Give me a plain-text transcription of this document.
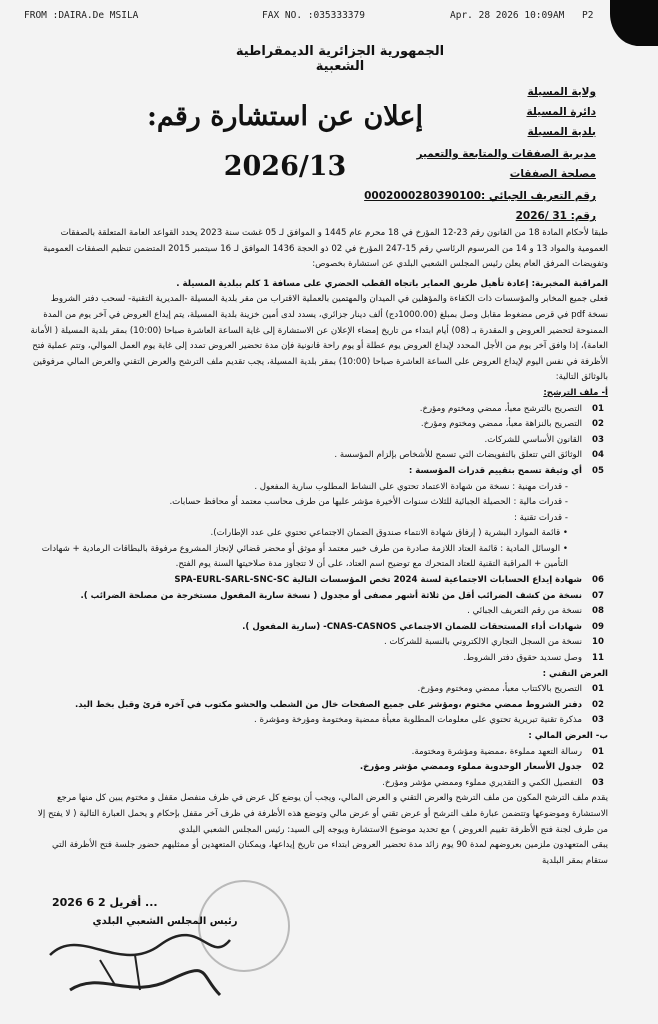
FROM :DAIRA.De MSILA	FAX NO. :035333379	Apr. 28 2026 10:09AM P2
الجمهورية الجزائرية الديمقراطية الشعبية
إعلان عن استشارة رقم: 2026/13
ولاية المسيلة
دائرة المسيلة
بلدية المسيلة
مديرية الصفقات والمتابعة والتعمير
مصلحة الصفقات
رقم التعريف الجبائي :0002000280390100
رقم: 31 /2026

طبقا لأحكام المادة 18 من القانون رقم 23-12 المؤرخ في 18 محرم عام 1445 و الموافق لـ 05 غشت سنة 2023 يحدد القواعد العامة المتعلقة بالصفقات العمومية والمواد 13 و 14 من المرسوم الرئاسي رقم 15-247 المؤرخ في 02 ذو الحجة 1436 الموافق لـ 16 سبتمبر 2015 المتضمن تنظيم الصفقات العمومية وتفويضات المرفق العام يعلن رئيس المجلس الشعبي البلدي عن استشارة بخصوص:

المراقبة المخبرية: إعادة تأهيل طريق العماير باتجاه القطب الحضري على مسافة 1 كلم ببلدية المسيلة .

فعلى جميع المخابر والمؤسسات ذات الكفاءة والمؤهلين في الميدان والمهتمين بالعملية الاقتراب من مقر بلدية المسيلة -المديرية التقنية- لسحب دفتر الشروط نسخة pdf في قرص مضغوط مقابل وصل بمبلغ (1000.00دج) ألف دينار جزائري، يسدد لدى أمين خزينة بلدية المسيلة، يتم إيداع العروض في آخر يوم من المدة الممنوحة لتحضير العروض و المقدرة بـ (08) أيام ابتداء من تاريخ إمضاء الإعلان عن الاستشارة إلى غاية الساعة العاشرة صباحا (10:00) بمقر بلدية المسيلة ( الأمانة العامة)، إذا وافق آخر يوم من الأجل المحدد لإيداع العروض يوم عطلة أو يوم راحة قانونية فإن مدة تحضير العروض تمدد إلى غاية يوم العمل الموالي، وتتم عملية فتح الأظرفة في نفس اليوم لإيداع العروض على الساعة العاشرة صباحا (10:00) بمقر بلدية المسيلة، يجب تقديم ملف الترشح والعرض التقني والعرض المالي مرفوقين بالوثائق التالية:

أ- ملف الترشح:

01التصريح بالترشح معبأ، ممضي ومختوم ومؤرخ.
02التصريح بالنزاهة معبأ، ممضي ومختوم ومؤرخ.
03القانون الأساسي للشركات.
04الوثائق التي تتعلق بالتفويضات التي تسمح للأشخاص بإلزام المؤسسة .
05أي وثيقة تسمح بتقييم قدرات المؤسسة :
- قدرات مهنية : نسخة من شهادة الاعتماد تحتوي على النشاط المطلوب سارية المفعول .
- قدرات مالية : الحصيلة الجبائية للثلاث سنوات الأخيرة مؤشر عليها من طرف محاسب معتمد أو محافظ حسابات.
- قدرات تقنية :
• قائمة الموارد البشرية ( إرفاق شهادة الانتماء صندوق الضمان الاجتماعي تحتوي على عدد الإطارات).
• الوسائل المادية : قائمة العتاد اللازمة صادرة من طرف خبير معتمد أو موثق أو محضر قضائي لإنجاز المشروع مرفوقة بالبطاقات الرمادية + شهادات التأمين + المراقبة التقنية للعتاد المتحرك مع توضيح اسم العتاد، على أن لا تتجاوز مدة صلاحيتها السنة يوم الفتح.
06شهادة إيداع الحسابات الاجتماعية لسنة 2024 تخص المؤسسات التالية SPA-EURL-SARL-SNC-SC
07نسخة من كشف الضرائب أقل من ثلاثة أشهر مصفى أو مجدول ( نسخة سارية المفعول مستخرجة من مصلحة الضرائب ).
08نسخة من رقم التعريف الجبائي .
09شهادات أداء المستحقات للضمان الاجتماعي CNAS-CASNOS- (سارية المفعول ).
10نسخة من السجل التجاري الالكتروني بالنسبة للشركات .
11وصل تسديد حقوق دفتر الشروط.

العرض التقني :

01التصريح بالاكتتاب معبأ، ممضي ومختوم ومؤرخ.
02دفتر الشروط ممضي مختوم ،ومؤشر على جميع الصفحات خال من الشطب والحشو مكتوب في آخره قرئ وقبل بخط اليد.
03مذكرة تقنية تبريرية تحتوي على معلومات المطلوبة معبأة ممضية ومختومة ومؤرخة ومؤشرة .

ب- العرض المالي :

01رسالة التعهد مملوءة ،ممضية ومؤشرة ومختومة.
02جدول الأسعار الوحدوية مملوء وممضي مؤشر ومؤرخ.
03التفصيل الكمي و التقديري مملوء وممضي مؤشر ومؤرخ.

يقدم ملف الترشح المكون من ملف الترشح والعرض التقني و العرض المالي، ويجب أن يوضع كل عرض في ظرف منفصل مقفل و مختوم يبين كل منها مرجع الاستشارة وموضوعها وتتضمن عبارة ملف الترشح أو عرض تقني أو عرض مالي وتوضع هذه الأظرفة في ظرف آخر مقفل بإحكام و يحمل العبارة التالية ( لا يفتح إلا من طرف لجنة فتح الأظرفة تقييم العروض ) مع تحديد موضوع الاستشارة ويوجه إلى السيد: رئيس المجلس الشعبي البلدي

يبقى المتعهدون ملزمين بعروضهم لمدة 90 يوم زائد مدة تحضير العروض ابتداء من تاريخ إيداعها، ويمكنان المتعهدين أو ممثليهم حضور جلسة فتح الأظرفة التي ستقام بمقر البلدية

2026 أفريل 2 6 ...
رئيس المجلس الشعبي البلدي
